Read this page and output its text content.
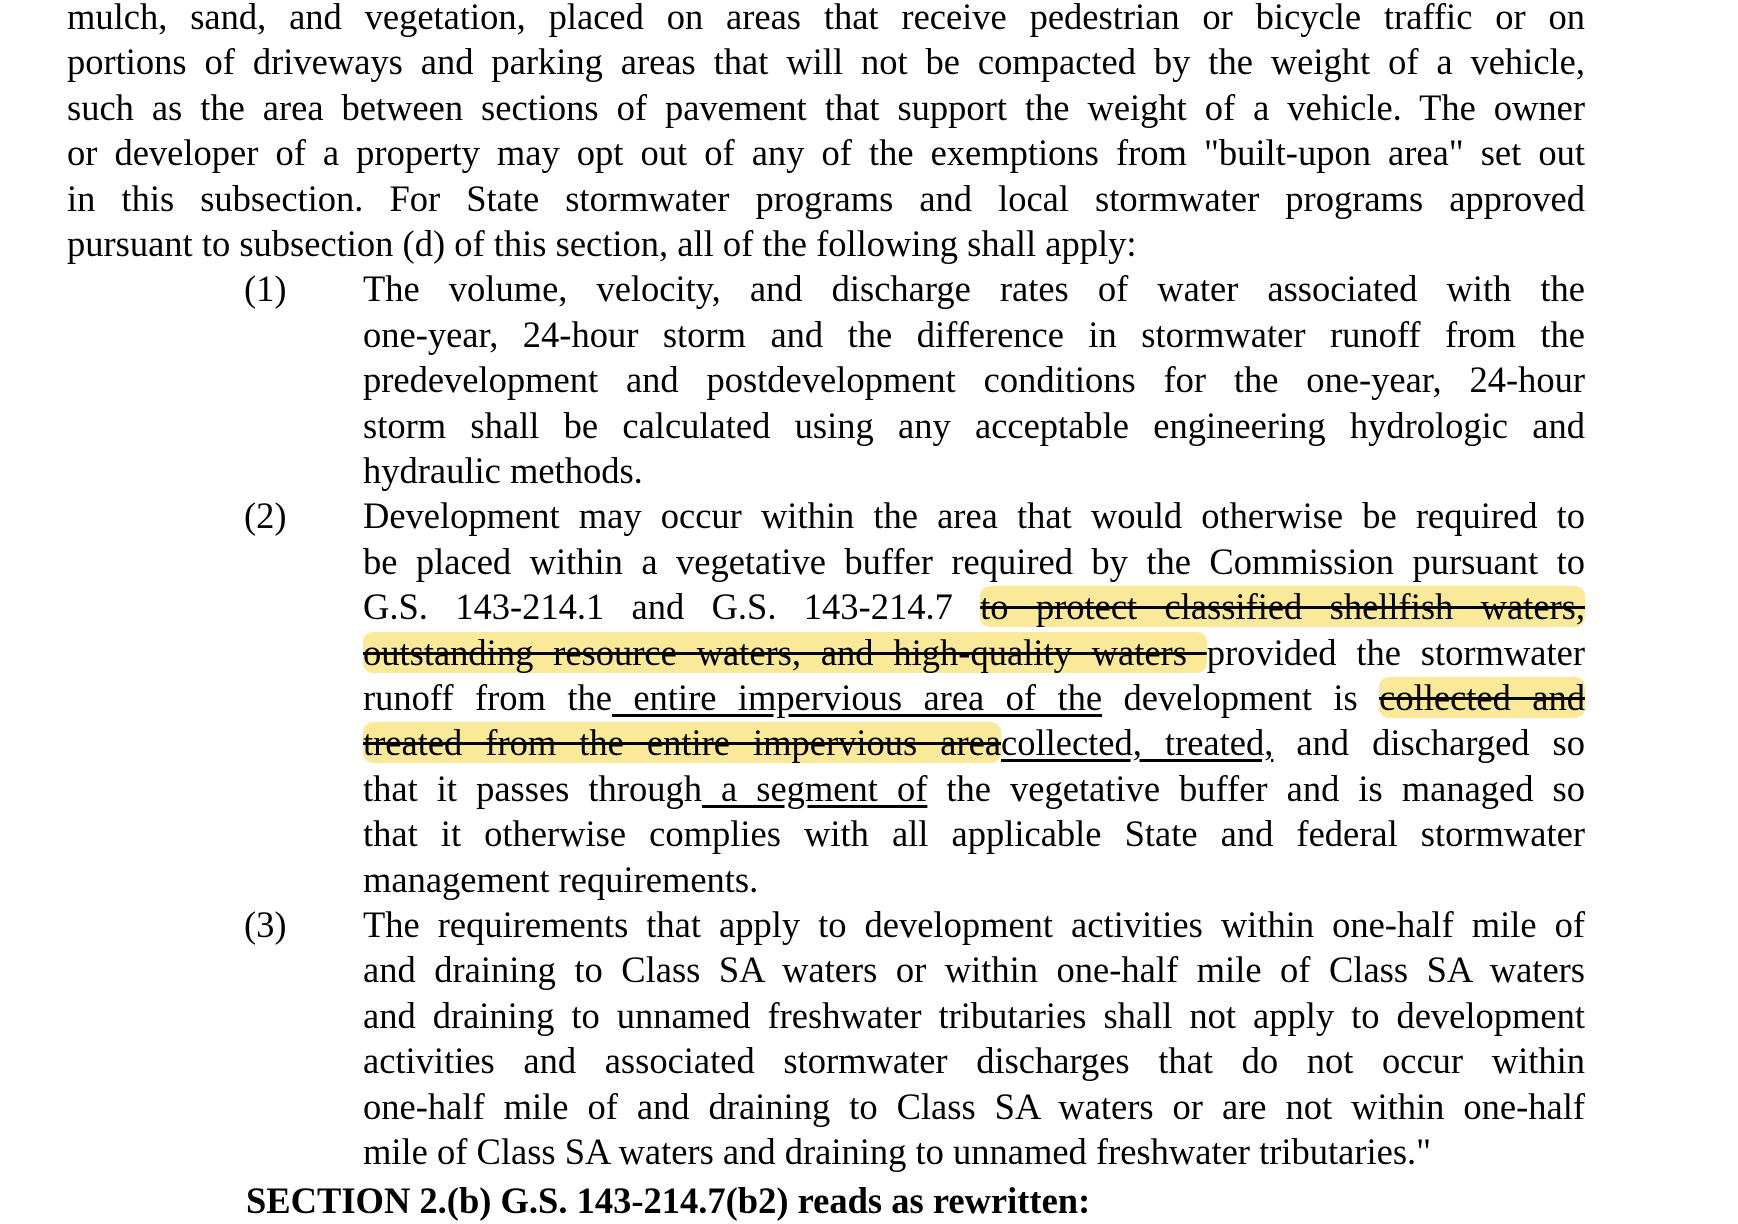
mulch, sand, and vegetation, placed on areas that receive pedestrian or bicycle traffic or on
portions of driveways and parking areas that will not be compacted by the weight of a vehicle,
such as the area between sections of pavement that support the weight of a vehicle. The owner
or developer of a property may opt out of any of the exemptions from "built-upon area" set out
in this subsection. For State stormwater programs and local stormwater programs approved
pursuant to subsection (d) of this section, all of the following shall apply:
(1) The volume, velocity, and discharge rates of water associated with the
one-year, 24-hour storm and the difference in stormwater runoff from the
predevelopment and postdevelopment conditions for the one-year, 24-hour
storm shall be calculated using any acceptable engineering hydrologic and
hydraulic methods.
(2) Development may occur within the area that would otherwise be required to
be placed within a vegetative buffer required by the Commission pursuant to
G.S. 143-214.1 and G.S. 143-214.7 to protect classified shellfish waters,
outstanding resource waters, and high-quality waters provided the stormwater
runoff from the entire impervious area of the development is collected and
treated from the entire impervious areacollected, treated, and discharged so
that it passes through a segment of the vegetative buffer and is managed so
that it otherwise complies with all applicable State and federal stormwater
management requirements.
(3) The requirements that apply to development activities within one-half mile of
and draining to Class SA waters or within one-half mile of Class SA waters
and draining to unnamed freshwater tributaries shall not apply to development
activities and associated stormwater discharges that do not occur within
one-half mile of and draining to Class SA waters or are not within one-half
mile of Class SA waters and draining to unnamed freshwater tributaries."
SECTION 2.(b) G.S. 143-214.7(b2) reads as rewritten:
